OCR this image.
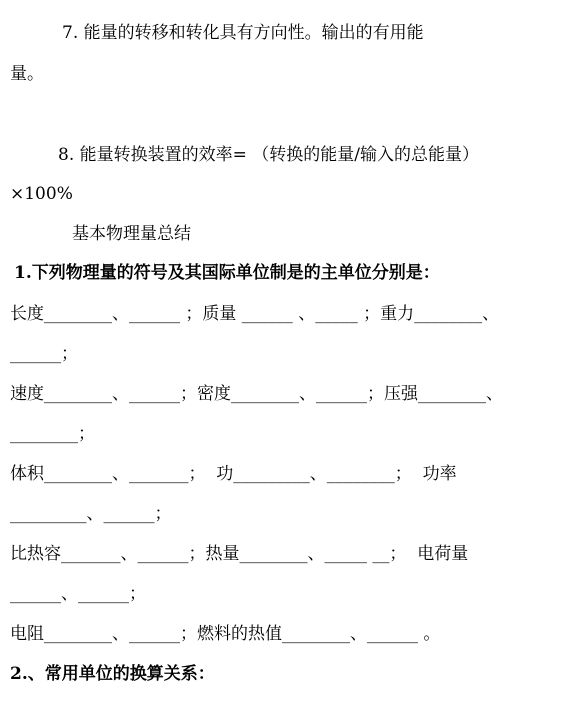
7. 能量的转移和转化具有方向性。输出的有用能
量。
8. 能量转换装置的效率= （转换的能量/输入的总能量）
×100%
基本物理量总结
1.下列物理量的符号及其国际单位制是的主单位分别是：
长度________、______ ；质量 ______ 、_____ ；重力________、
______；
速度________、______；密度________、______；压强________、
________；
体积________、_______；  功_________、________；  功率
_________、______；
比热容_______、______；热量________、_____ __；  电荷量
______、______；
电阻________、______；燃料的热值________、______ 。
2.、常用单位的换算关系：
